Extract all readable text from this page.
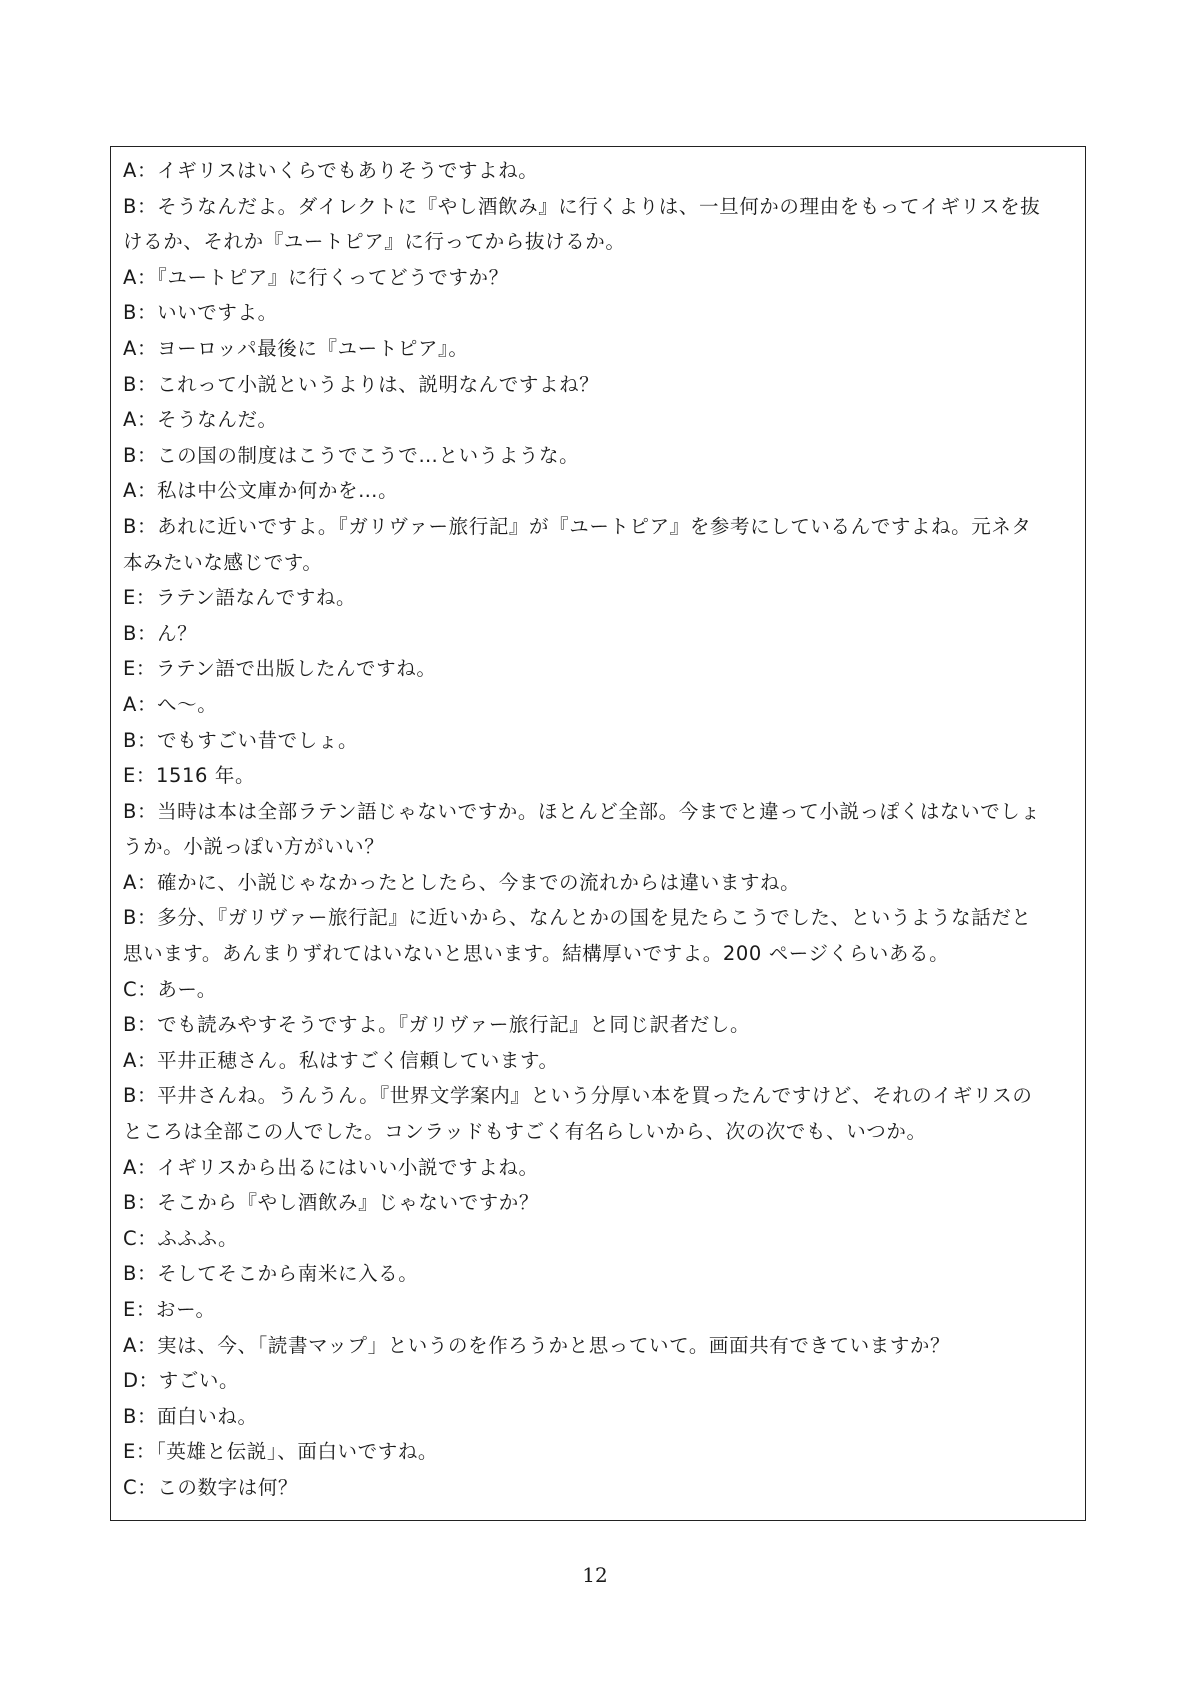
A：イギリスはいくらでもありそうですよね。
B：そうなんだよ。ダイレクトに『やし酒飲み』に行くよりは、一旦何かの理由をもってイギリスを抜
けるか、それか『ユートピア』に行ってから抜けるか。
A：『ユートピア』に行くってどうですか？
B：いいですよ。
A：ヨーロッパ最後に『ユートピア』。
B：これって小説というよりは、説明なんですよね？
A：そうなんだ。
B：この国の制度はこうでこうで…というような。
A：私は中公文庫か何かを…。
B：あれに近いですよ。『ガリヴァー旅行記』が『ユートピア』を参考にしているんですよね。元ネタ
本みたいな感じです。
E：ラテン語なんですね。
B：ん？
E：ラテン語で出版したんですね。
A：へ～。
B：でもすごい昔でしょ。
E：1516 年。
B：当時は本は全部ラテン語じゃないですか。ほとんど全部。今までと違って小説っぽくはないでしょ
うか。小説っぽい方がいい？
A：確かに、小説じゃなかったとしたら、今までの流れからは違いますね。
B：多分、『ガリヴァー旅行記』に近いから、なんとかの国を見たらこうでした、というような話だと
思います。あんまりずれてはいないと思います。結構厚いですよ。200 ページくらいある。
C：あー。
B：でも読みやすそうですよ。『ガリヴァー旅行記』と同じ訳者だし。
A：平井正穂さん。私はすごく信頼しています。
B：平井さんね。うんうん。『世界文学案内』という分厚い本を買ったんですけど、それのイギリスの
ところは全部この人でした。コンラッドもすごく有名らしいから、次の次でも、いつか。
A：イギリスから出るにはいい小説ですよね。
B：そこから『やし酒飲み』じゃないですか？
C：ふふふ。
B：そしてそこから南米に入る。
E：おー。
A：実は、今、「読書マップ」というのを作ろうかと思っていて。画面共有できていますか？
D：すごい。
B：面白いね。
E：「英雄と伝説」、面白いですね。
C：この数字は何？
12
